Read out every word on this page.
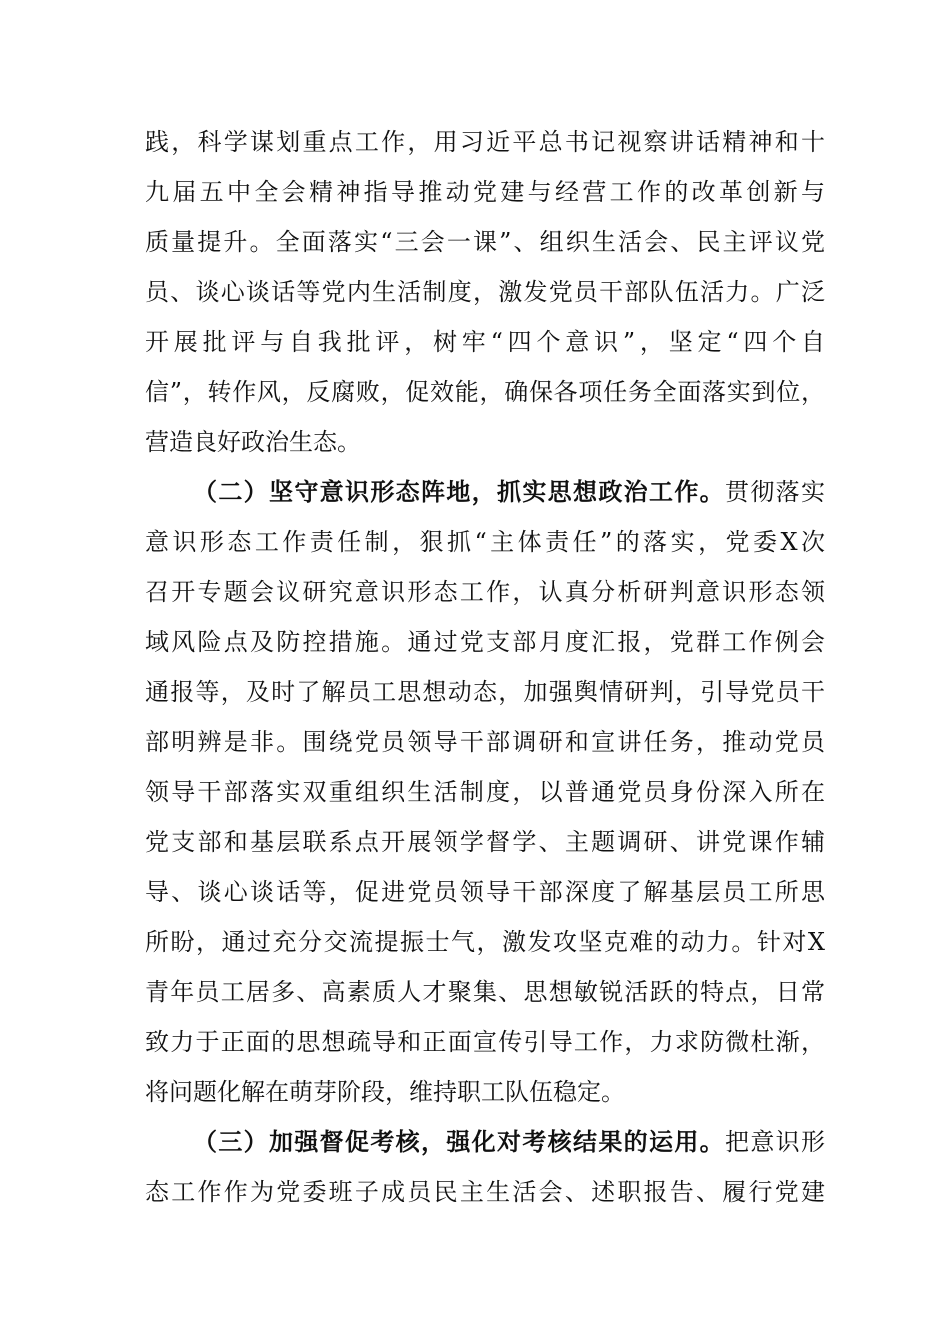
践，科学谋划重点工作，用习近平总书记视察讲话精神和十
九届五中全会精神指导推动党建与经营工作的改革创新与
质量提升。全面落实“三会一课”、组织生活会、民主评议党
员、谈心谈话等党内生活制度，激发党员干部队伍活力。广泛
开展批评与自我批评，树牢“四个意识”，坚定“四个自
信”，转作风，反腐败，促效能，确保各项任务全面落实到位，
营造良好政治生态。
（二）坚守意识形态阵地，抓实思想政治工作。贯彻落实
意识形态工作责任制，狠抓“主体责任”的落实，党委X次
召开专题会议研究意识形态工作，认真分析研判意识形态领
域风险点及防控措施。通过党支部月度汇报，党群工作例会
通报等，及时了解员工思想动态，加强舆情研判，引导党员干
部明辨是非。围绕党员领导干部调研和宣讲任务，推动党员
领导干部落实双重组织生活制度，以普通党员身份深入所在
党支部和基层联系点开展领学督学、主题调研、讲党课作辅
导、谈心谈话等，促进党员领导干部深度了解基层员工所思
所盼，通过充分交流提振士气，激发攻坚克难的动力。针对X
青年员工居多、高素质人才聚集、思想敏锐活跃的特点，日常
致力于正面的思想疏导和正面宣传引导工作，力求防微杜渐，
将问题化解在萌芽阶段，维持职工队伍稳定。
（三）加强督促考核，强化对考核结果的运用。把意识形
态工作作为党委班子成员民主生活会、述职报告、履行党建
